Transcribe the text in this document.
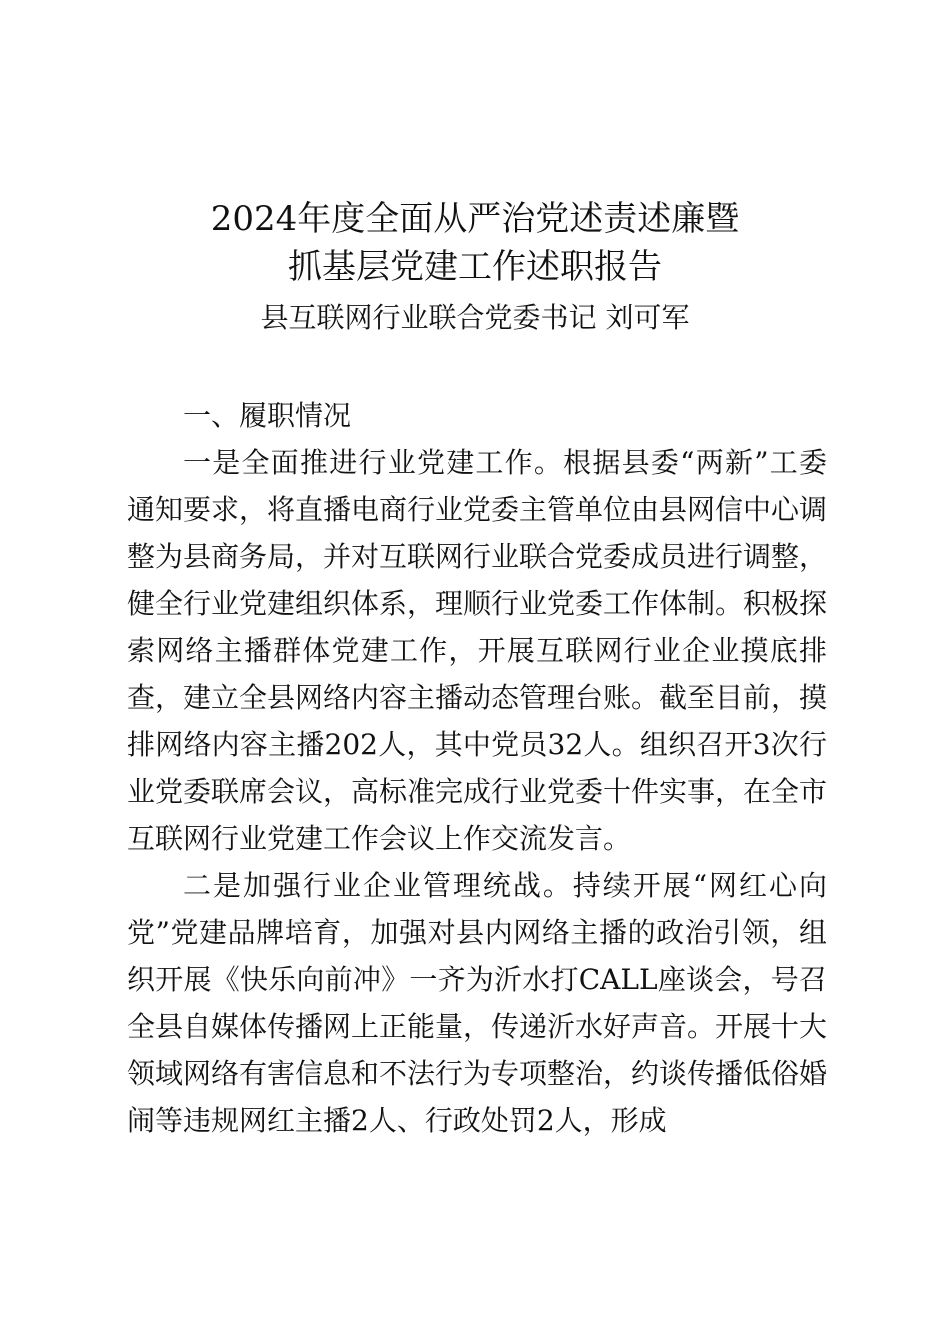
2024年度全面从严治党述责述廉暨
抓基层党建工作述职报告
县互联网行业联合党委书记 刘可军

一、履职情况

一是全面推进行业党建工作。根据县委“两新”工委通知要求，将直播电商行业党委主管单位由县网信中心调整为县商务局，并对互联网行业联合党委成员进行调整，健全行业党建组织体系，理顺行业党委工作体制。积极探索网络主播群体党建工作，开展互联网行业企业摸底排查，建立全县网络内容主播动态管理台账。截至目前，摸排网络内容主播202人，其中党员32人。组织召开3次行业党委联席会议，高标准完成行业党委十件实事，在全市互联网行业党建工作会议上作交流发言。

二是加强行业企业管理统战。持续开展“网红心向党”党建品牌培育，加强对县内网络主播的政治引领，组织开展《快乐向前冲》一齐为沂水打CALL座谈会，号召全县自媒体传播网上正能量，传递沂水好声音。开展十大领域网络有害信息和不法行为专项整治，约谈传播低俗婚闹等违规网红主播2人、行政处罚2人，形成
